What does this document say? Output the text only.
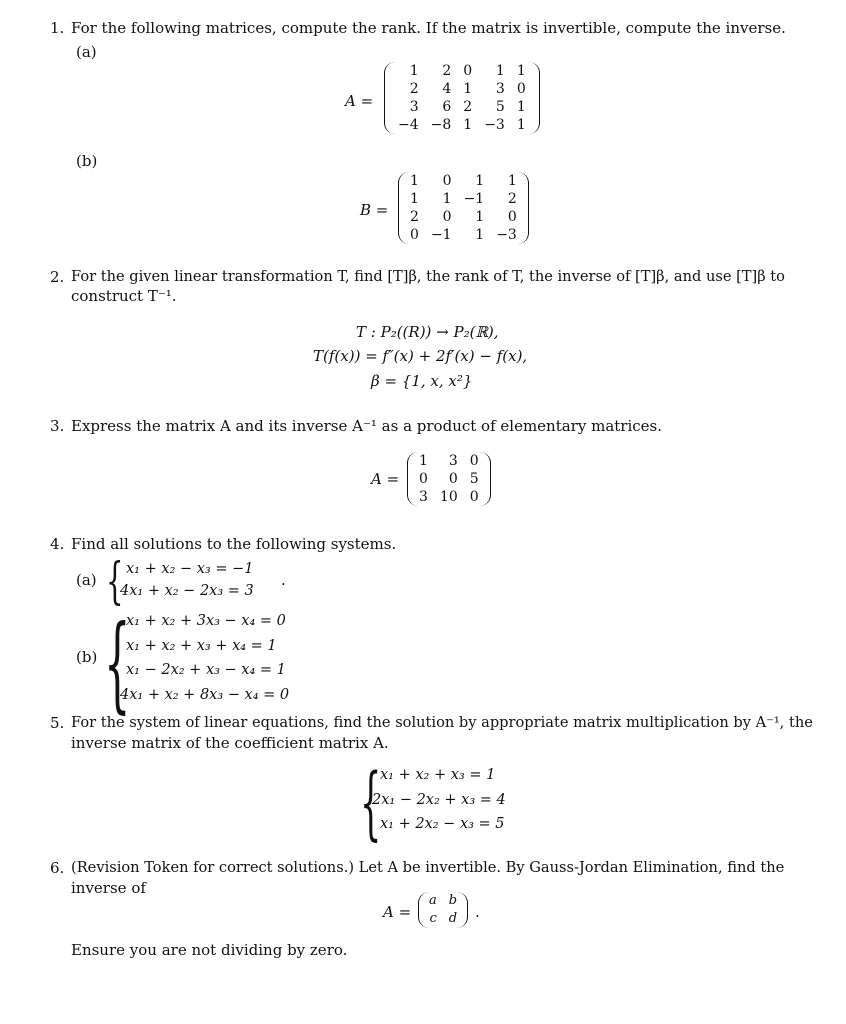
1. For the following matrices, compute the rank. If the matrix is invertible, compute the inverse.
(a)
A =
1	2	0	1	1
2	4	1	3	0
3	6	2	5	1
−4	−8	1	−3	1
(b)
B =
1	0	1	1
1	1	−1	2
2	0	1	0
0	−1	1	−3
2. For the given linear transformation T, find [T]β, the rank of T, the inverse of [T]β, and use [T]β to
construct T⁻¹.
T : P₂((R)) → P₂(ℝ),
T(f(x)) = f″(x) + 2f′(x) − f(x),
β = {1, x, x²}
3. Express the matrix A and its inverse A⁻¹ as a product of elementary matrices.
A =
1	3	0
0	0	5
3	10	0
4. Find all solutions to the following systems.
(a) { x₁ + x₂ − x₃ = −1
4x₁ + x₂ − 2x₃ = 3
.
(b) {
x₁ + x₂ + 3x₃ − x₄ = 0
x₁ + x₂ + x₃ + x₄ = 1
x₁ − 2x₂ + x₃ − x₄ = 1
4x₁ + x₂ + 8x₃ − x₄ = 0
5. For the system of linear equations, find the solution by appropriate matrix multiplication by A⁻¹, the
inverse matrix of the coefficient matrix A.
{
x₁ + x₂ + x₃ = 1
2x₁ − 2x₂ + x₃ = 4
x₁ + 2x₂ − x₃ = 5
6. (Revision Token for correct solutions.) Let A be invertible. By Gauss-Jordan Elimination, find the
inverse of
A =
a	b
c	d .
Ensure you are not dividing by zero.
